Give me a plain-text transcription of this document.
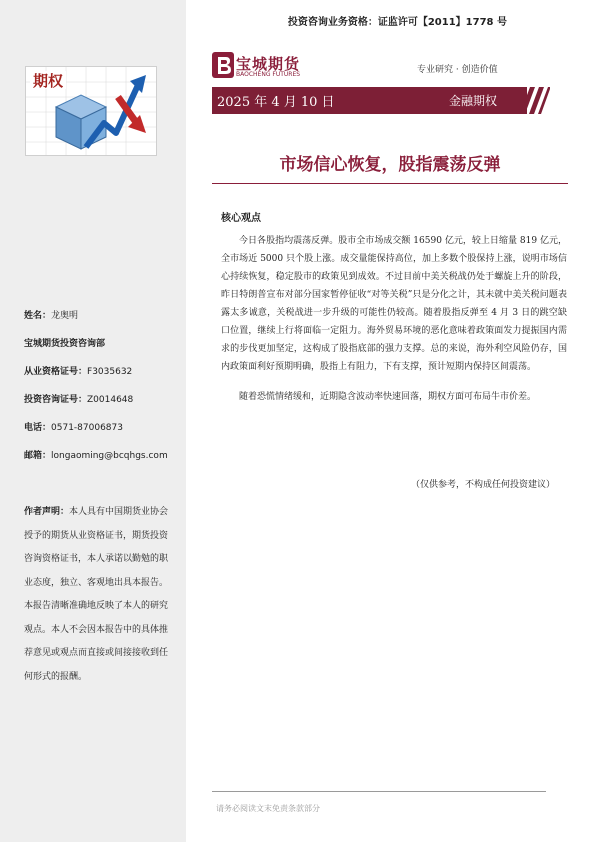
期权
姓名：龙奥明
宝城期货投资咨询部
从业资格证号：F3035632
投资咨询证号：Z0014648
电话：0571-87006873
邮箱：longaoming@bcqhgs.com
作者声明：本人具有中国期货业协会授予的期货从业资格证书，期货投资咨询资格证书，本人承诺以勤勉的职业态度，独立、客观地出具本报告。本报告清晰准确地反映了本人的研究观点。本人不会因本报告中的具体推荐意见或观点而直接或间接接收到任何形式的报酬。
投资咨询业务资格：证监许可【2011】1778 号
宝城期货
BAOCHENG FUTURES	专业研究 · 创造价值
2025 年 4 月 10 日	金融期权
市场信心恢复，股指震荡反弹
核心观点

今日各股指均震荡反弹。股市全市场成交额 16590 亿元，较上日缩量 819 亿元，全市场近 5000 只个股上涨。成交量能保持高位，加上多数个股保持上涨，说明市场信心持续恢复，稳定股市的政策见到成效。不过目前中美关税战仍处于螺旋上升的阶段，昨日特朗普宣布对部分国家暂停征收“对等关税”只是分化之计，其未就中美关税问题表露太多诚意，关税战进一步升级的可能性仍较高。随着股指反弹至 4 月 3 日的跳空缺口位置，继续上行将面临一定阻力。海外贸易环境的恶化意味着政策面发力提振国内需求的步伐更加坚定，这构成了股指底部的强力支撑。总的来说，海外利空风险仍存，国内政策面利好预期明确，股指上有阻力，下有支撑，预计短期内保持区间震荡。

随着恐慌情绪缓和，近期隐含波动率快速回落，期权方面可布局牛市价差。

（仅供参考，不构成任何投资建议）
请务必阅读文末免责条款部分
